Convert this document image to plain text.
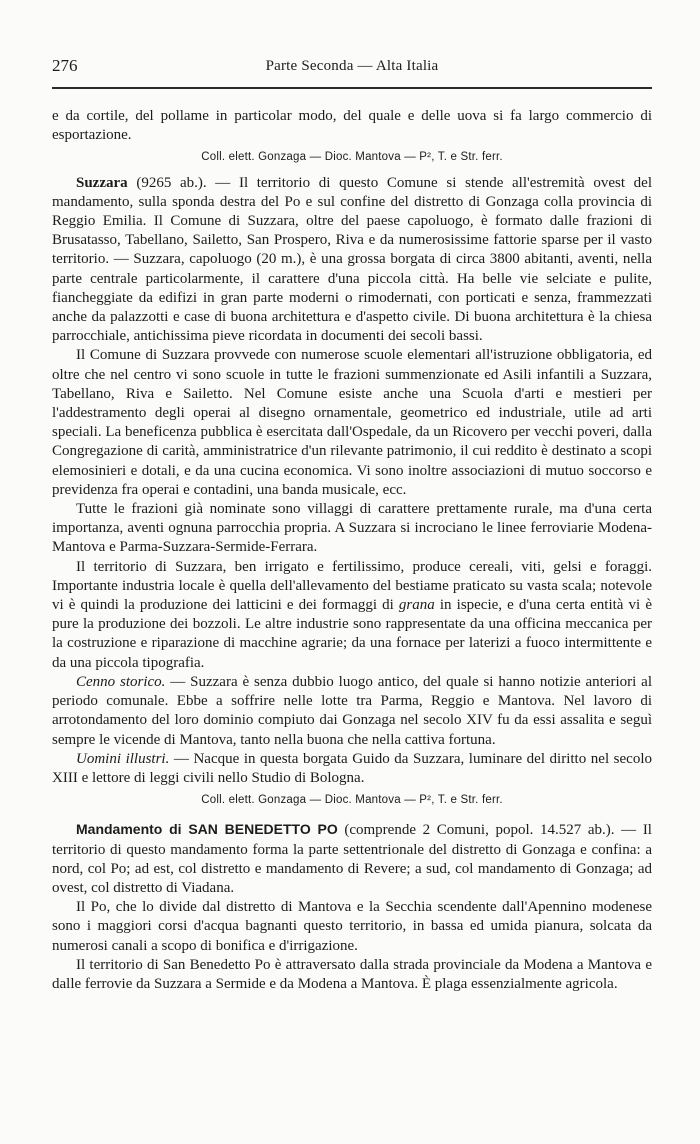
276	Parte Seconda — Alta Italia

e da cortile, del pollame in particolar modo, del quale e delle uova si fa largo commercio di esportazione.

Coll. elett. Gonzaga — Dioc. Mantova — P², T. e Str. ferr.

Suzzara (9265 ab.). — Il territorio di questo Comune si stende all'estremità ovest del mandamento, sulla sponda destra del Po e sul confine del distretto di Gonzaga colla provincia di Reggio Emilia. Il Comune di Suzzara, oltre del paese capoluogo, è formato dalle frazioni di Brusatasso, Tabellano, Sailetto, San Prospero, Riva e da numerosissime fattorie sparse per il vasto territorio. — Suzzara, capoluogo (20 m.), è una grossa borgata di circa 3800 abitanti, aventi, nella parte centrale particolarmente, il carattere d'una piccola città. Ha belle vie selciate e pulite, fiancheggiate da edifizi in gran parte moderni o rimodernati, con porticati e senza, frammezzati anche da palazzotti e case di buona architettura e d'aspetto civile. Di buona architettura è la chiesa parrocchiale, antichissima pieve ricordata in documenti dei secoli bassi.

Il Comune di Suzzara provvede con numerose scuole elementari all'istruzione obbligatoria, ed oltre che nel centro vi sono scuole in tutte le frazioni summenzionate ed Asili infantili a Suzzara, Tabellano, Riva e Sailetto. Nel Comune esiste anche una Scuola d'arti e mestieri per l'addestramento degli operai al disegno ornamentale, geometrico ed industriale, utile ad arti speciali. La beneficenza pubblica è esercitata dall'Ospedale, da un Ricovero per vecchi poveri, dalla Congregazione di carità, amministratrice d'un rilevante patrimonio, il cui reddito è destinato a scopi elemosinieri e dotali, e da una cucina economica. Vi sono inoltre associazioni di mutuo soccorso e previdenza fra operai e contadini, una banda musicale, ecc.

Tutte le frazioni già nominate sono villaggi di carattere prettamente rurale, ma d'una certa importanza, aventi ognuna parrocchia propria. A Suzzara si incrociano le linee ferroviarie Modena-Mantova e Parma-Suzzara-Sermide-Ferrara.

Il territorio di Suzzara, ben irrigato e fertilissimo, produce cereali, viti, gelsi e foraggi. Importante industria locale è quella dell'allevamento del bestiame praticato su vasta scala; notevole vi è quindi la produzione dei latticini e dei formaggi di grana in ispecie, e d'una certa entità vi è pure la produzione dei bozzoli. Le altre industrie sono rappresentate da una officina meccanica per la costruzione e riparazione di macchine agrarie; da una fornace per laterizi a fuoco intermittente e da una piccola tipografia.

Cenno storico. — Suzzara è senza dubbio luogo antico, del quale si hanno notizie anteriori al periodo comunale. Ebbe a soffrire nelle lotte tra Parma, Reggio e Mantova. Nel lavoro di arrotondamento del loro dominio compiuto dai Gonzaga nel secolo XIV fu da essi assalita e seguì sempre le vicende di Mantova, tanto nella buona che nella cattiva fortuna.

Uomini illustri. — Nacque in questa borgata Guido da Suzzara, luminare del diritto nel secolo XIII e lettore di leggi civili nello Studio di Bologna.

Coll. elett. Gonzaga — Dioc. Mantova — P², T. e Str. ferr.

Mandamento di SAN BENEDETTO PO (comprende 2 Comuni, popol. 14.527 ab.). — Il territorio di questo mandamento forma la parte settentrionale del distretto di Gonzaga e confina: a nord, col Po; ad est, col distretto e mandamento di Revere; a sud, col mandamento di Gonzaga; ad ovest, col distretto di Viadana.

Il Po, che lo divide dal distretto di Mantova e la Secchia scendente dall'Apennino modenese sono i maggiori corsi d'acqua bagnanti questo territorio, in bassa ed umida pianura, solcata da numerosi canali a scopo di bonifica e d'irrigazione.

Il territorio di San Benedetto Po è attraversato dalla strada provinciale da Modena a Mantova e dalle ferrovie da Suzzara a Sermide e da Modena a Mantova. È plaga essenzialmente agricola.
